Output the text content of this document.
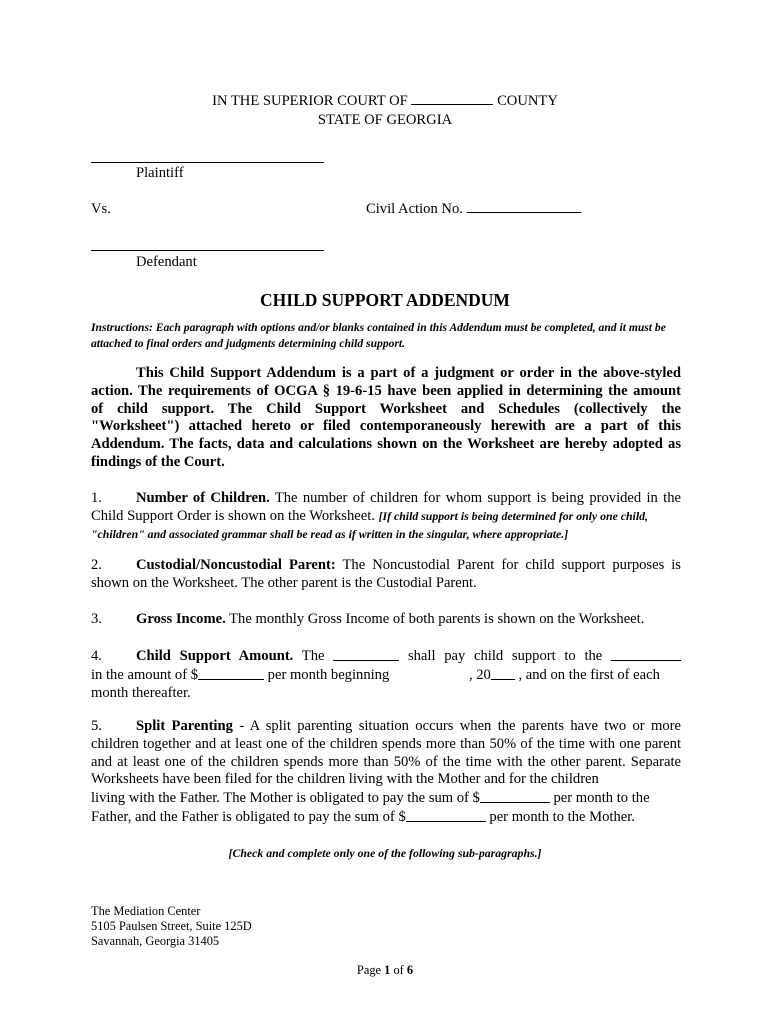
IN THE SUPERIOR COURT OF	COUNTY
STATE OF GEORGIA
Plaintiff
Vs.	Civil Action No.
Defendant
CHILD SUPPORT ADDENDUM
Instructions: Each paragraph with options and/or blanks contained in this Addendum must be completed, and it must be attached to final orders and judgments determining child support.
This Child Support Addendum is a part of a judgment or order in the above-styled
action. The requirements of OCGA § 19-6-15 have been applied in determining the amount
of child support. The Child Support Worksheet and Schedules (collectively the
"Worksheet") attached hereto or filed contemporaneously herewith are a part of this
Addendum. The facts, data and calculations shown on the Worksheet are hereby adopted as
findings of the Court.
1. Number of Children. The number of children for whom support is being provided in the
Child Support Order is shown on the Worksheet. [If child support is being determined for only one child,
"children" and associated grammar shall be read as if written in the singular, where appropriate.]
2. Custodial/Noncustodial Parent: The Noncustodial Parent for child support purposes is
shown on the Worksheet. The other parent is the Custodial Parent.
3. Gross Income. The monthly Gross Income of both parents is shown on the Worksheet.
4. Child Support Amount. The	shall pay child support to the
in the amount of $	per month beginning	, 20 , and on the first of each
month thereafter.
5. Split Parenting - A split parenting situation occurs when the parents have two or more
children together and at least one of the children spends more than 50% of the time with one parent
and at least one of the children spends more than 50% of the time with the other parent. Separate
Worksheets have been filed for the children living with the Mother and for the children
living with the Father. The Mother is obligated to pay the sum of $	per month to the
Father, and the Father is obligated to pay the sum of $	per month to the Mother.
[Check and complete only one of the following sub-paragraphs.]
The Mediation Center
5105 Paulsen Street, Suite 125D
Savannah, Georgia 31405
Page 1 of 6
